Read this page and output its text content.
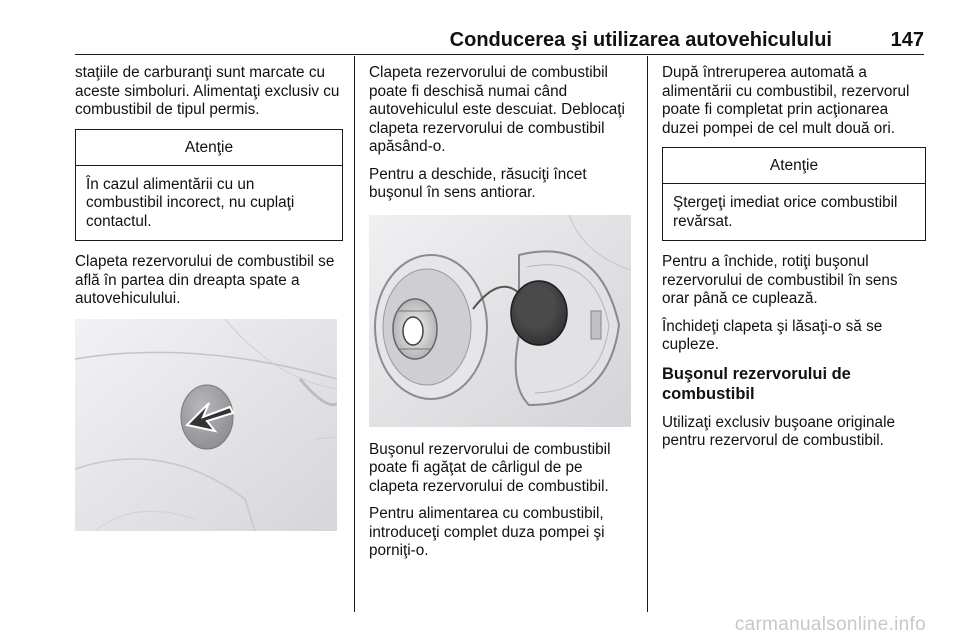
Conducerea şi utilizarea autovehiculului	147

staţiile de carburanţi sunt marcate cu aceste simboluri. Alimentaţi exclusiv cu combustibil de tipul permis.

Atenţie
În cazul alimentării cu un combustibil incorect, nu cuplaţi contactul.

Clapeta rezervorului de combustibil se află în partea din dreapta spate a autovehiculului.

Clapeta rezervorului de combustibil poate fi deschisă numai când autovehiculul este descuiat. Deblocaţi clapeta rezervorului de combustibil apăsând-o.

Pentru a deschide, răsuciţi încet buşonul în sens antiorar.

Buşonul rezervorului de combustibil poate fi agăţat de cârligul de pe clapeta rezervorului de combustibil.

Pentru alimentarea cu combustibil, introduceţi complet duza pompei şi porniţi-o.

După întreruperea automată a alimentării cu combustibil, rezervorul poate fi completat prin acţionarea duzei pompei de cel mult două ori.

Atenţie
Ştergeţi imediat orice combustibil revărsat.

Pentru a închide, rotiţi buşonul rezervorului de combustibil în sens orar până ce cuplează.

Închideţi clapeta şi lăsaţi-o să se cupleze.

Buşonul rezervorului de combustibil

Utilizaţi exclusiv buşoane originale pentru rezervorul de combustibil.

carmanualsonline.info
